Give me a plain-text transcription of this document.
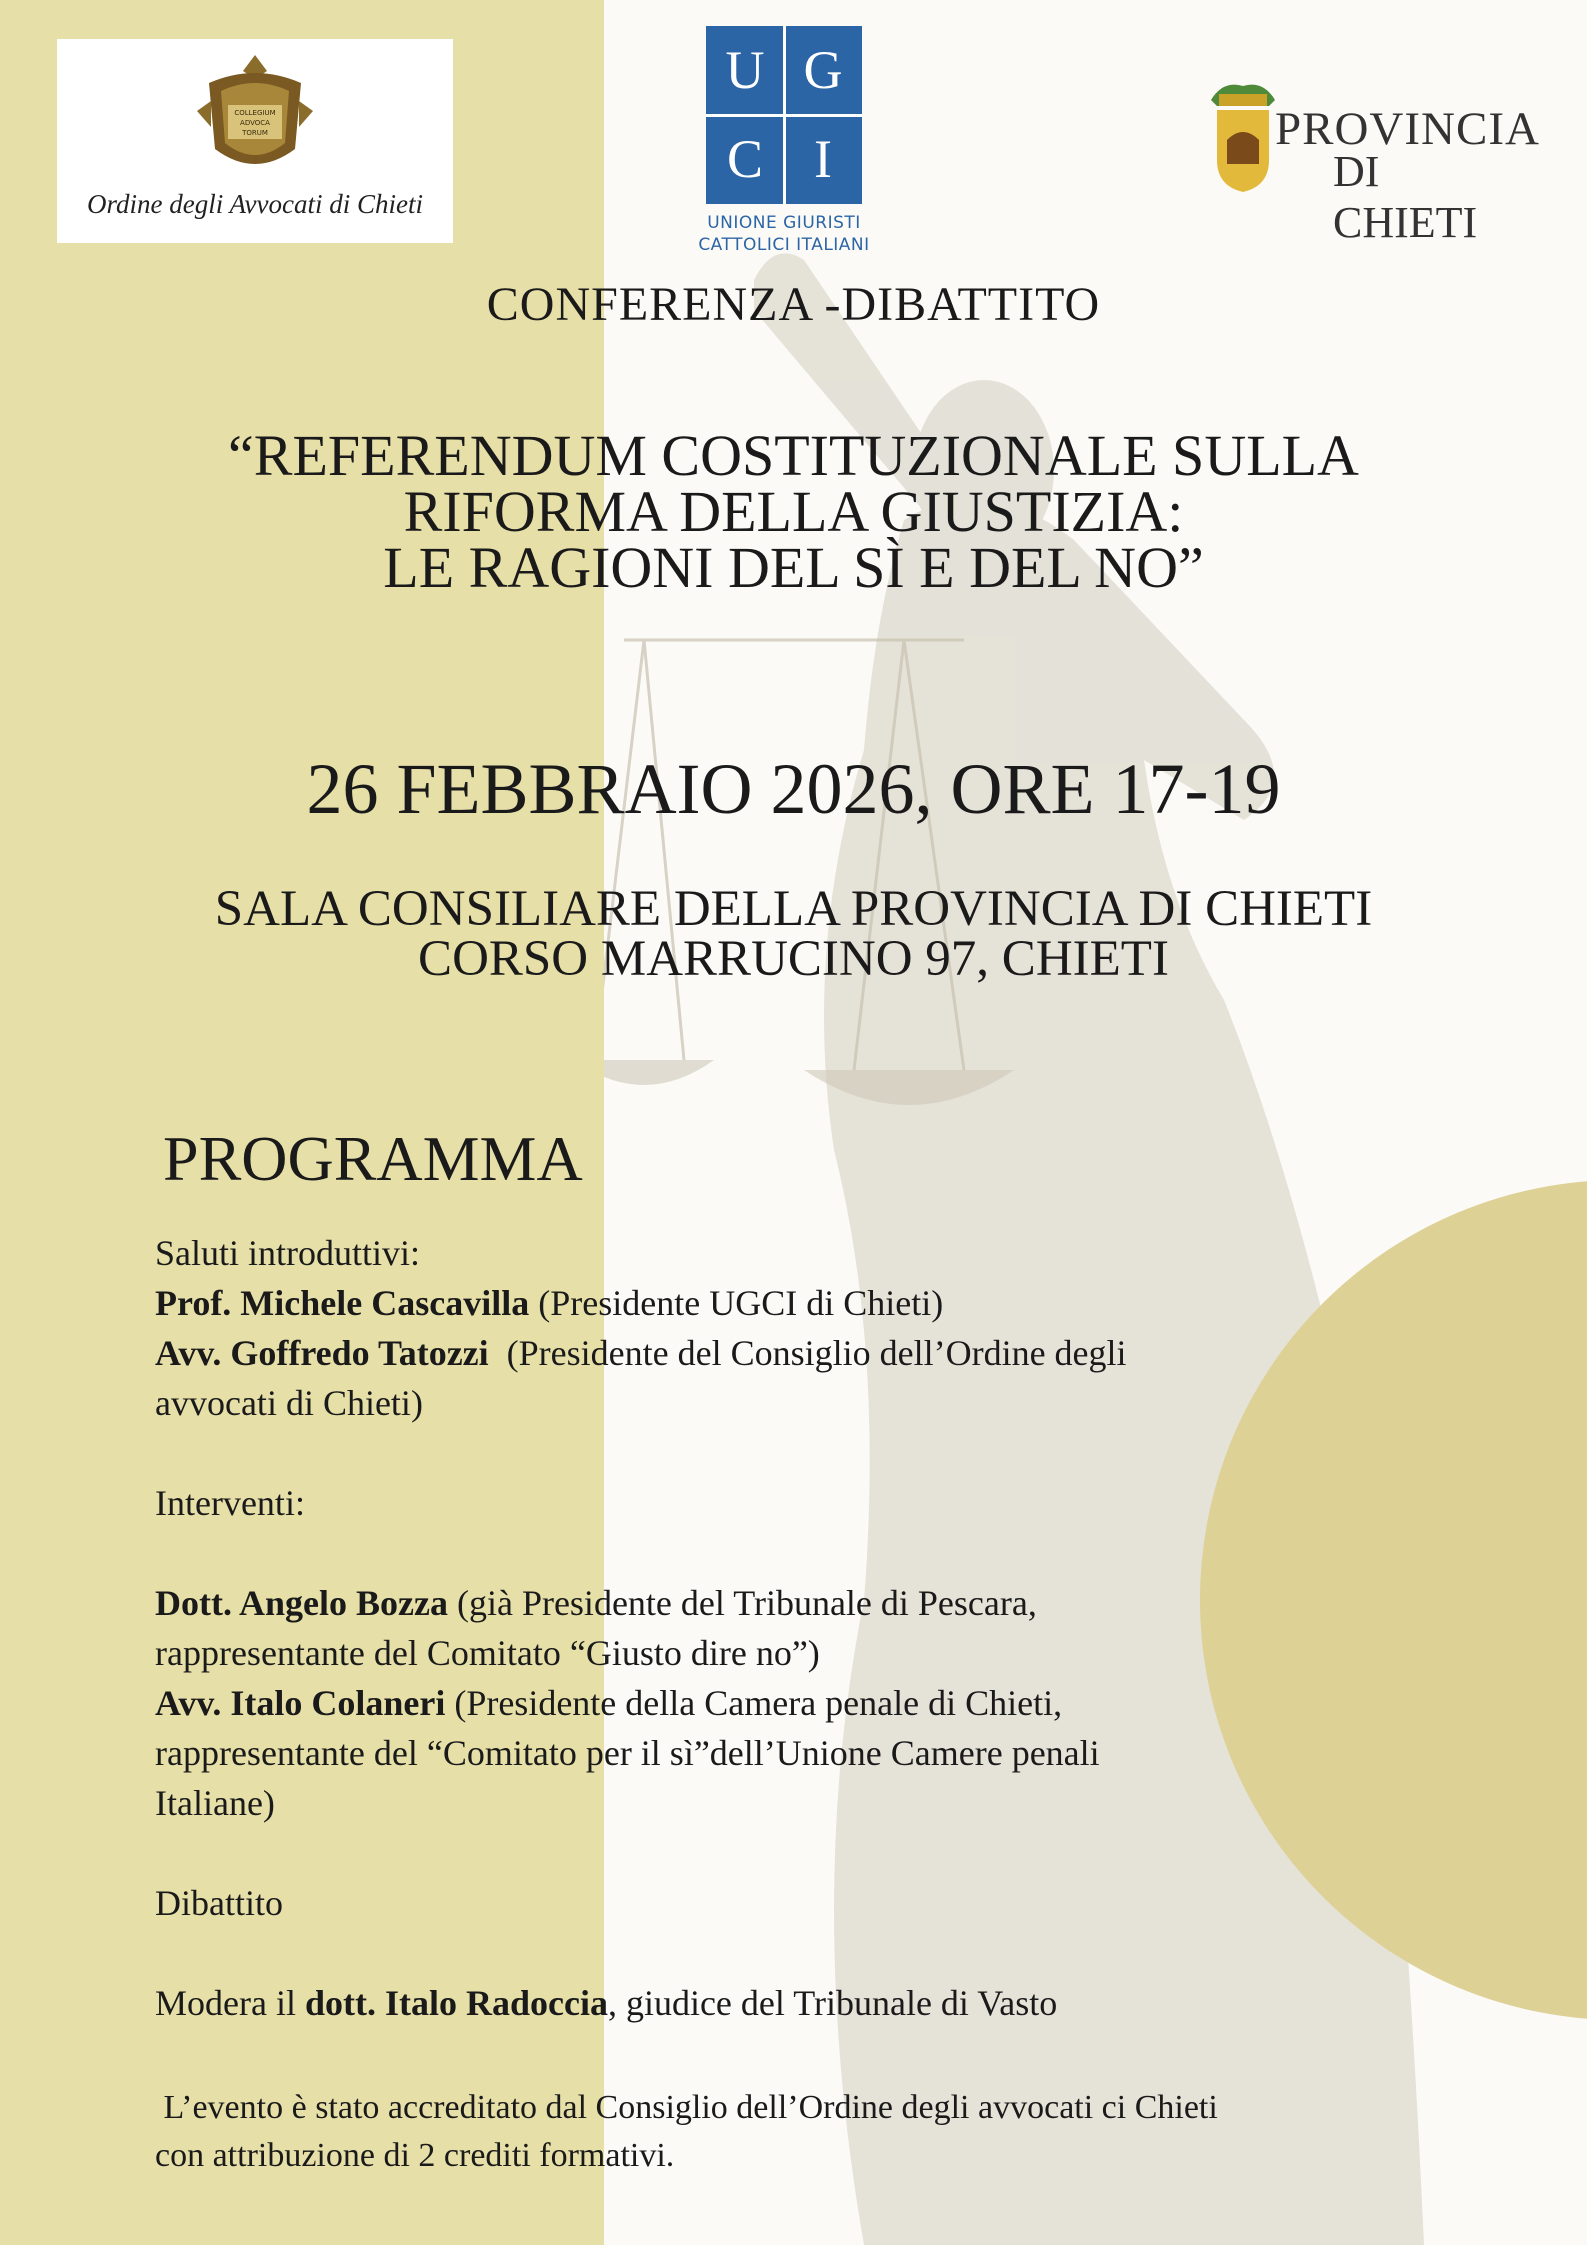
COLLEGIUM
ADVOCA
TORUM
Ordine degli Avvocati di Chieti
U G
C I
UNIONE GIURISTI
CATTOLICI ITALIANI
PROVINCIA
DI CHIETI
CONFERENZA -DIBATTITO
“REFERENDUM COSTITUZIONALE SULLA
RIFORMA DELLA GIUSTIZIA:
LE RAGIONI DEL SÌ E DEL NO”
26 FEBBRAIO 2026, ORE 17-19
SALA CONSILIARE DELLA PROVINCIA DI CHIETI
CORSO MARRUCINO 97, CHIETI
PROGRAMMA

Saluti introduttivi:

Prof. Michele Cascavilla (Presidente UGCI di Chieti)

Avv. Goffredo Tatozzi  (Presidente del Consiglio dell’Ordine degli

avvocati di Chieti)

Interventi:

Dott. Angelo Bozza (già Presidente del Tribunale di Pescara,

rappresentante del Comitato “Giusto dire no”)

Avv. Italo Colaneri (Presidente della Camera penale di Chieti,

rappresentante del “Comitato per il sì”dell’Unione Camere penali

Italiane)

Dibattito

Modera il dott. Italo Radoccia, giudice del Tribunale di Vasto

L’evento è stato accreditato dal Consiglio dell’Ordine degli avvocati ci Chieti
con attribuzione di 2 crediti formativi.
